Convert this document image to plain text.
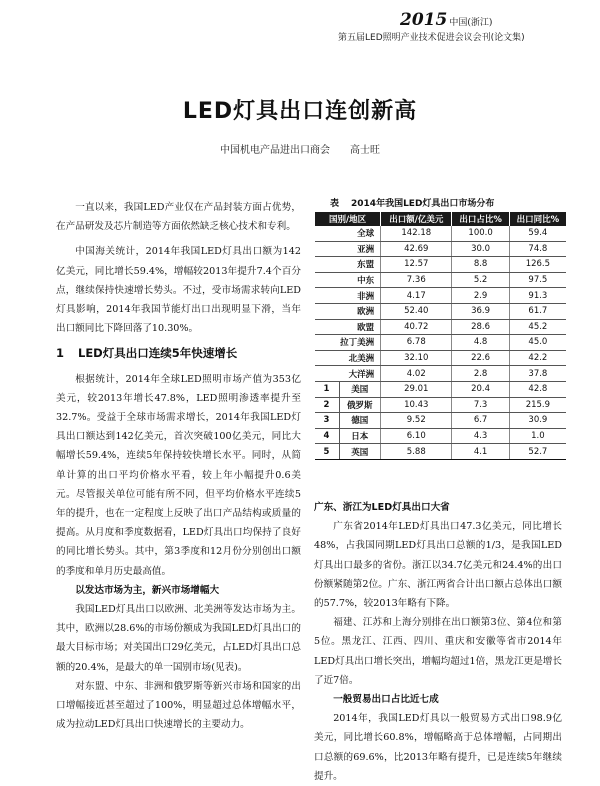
2015 中国(浙江)
第五届LED照明产业技术促进会议会刊(论文集)
LED灯具出口连创新高
中国机电产品进出口商会 高士旺

一直以来，我国LED产业仅在产品封装方面占优势，在产品研发及芯片制造等方面依然缺乏核心技术和专利。

中国海关统计，2014年我国LED灯具出口额为142亿美元，同比增长59.4%，增幅较2013年提升7.4个百分点，继续保持快速增长势头。不过，受市场需求转向LED灯具影响，2014年我国节能灯出口出现明显下滑，当年出口额同比下降回落了10.30%。

1 LED灯具出口连续5年快速增长

根据统计，2014年全球LED照明市场产值为353亿美元，较2013年增长47.8%，LED照明渗透率提升至32.7%。受益于全球市场需求增长，2014年我国LED灯具出口额达到142亿美元，首次突破100亿美元，同比大幅增长59.4%，连续5年保持较快增长水平。同时，从简单计算的出口平均价格水平看，较上年小幅提升0.6美元。尽管报关单位可能有所不同，但平均价格水平连续5年的提升，也在一定程度上反映了出口产品结构或质量的提高。从月度和季度数据看，LED灯具出口均保持了良好的同比增长势头。其中，第3季度和12月份分别创出口额的季度和单月历史最高值。

以发达市场为主，新兴市场增幅大

我国LED灯具出口以欧洲、北美洲等发达市场为主。其中，欧洲以28.6%的市场份额成为我国LED灯具出口的最大目标市场；对美国出口29亿美元，占LED灯具出口总额的20.4%，是最大的单一国别市场(见表)。

对东盟、中东、非洲和俄罗斯等新兴市场和国家的出口增幅接近甚至超过了100%，明显超过总体增幅水平，成为拉动LED灯具出口快速增长的主要动力。

表 2014年我国LED灯具出口市场分布
国别/地区		出口额/亿美元	出口占比%	出口同比%
全球		142.18	100.0	59.4
亚洲		42.69	30.0	74.8
东盟		12.57	8.8	126.5
中东		7.36	5.2	97.5
非洲		4.17	2.9	91.3
欧洲		52.40	36.9	61.7
欧盟		40.72	28.6	45.2
拉丁美洲		6.78	4.8	45.0
北美洲		32.10	22.6	42.2
大洋洲		4.02	2.8	37.8
1	美国	29.01	20.4	42.8
2	俄罗斯	10.43	7.3	215.9
3	德国	9.52	6.7	30.9
4	日本	6.10	4.3	1.0
5	英国	5.88	4.1	52.7
广东、浙江为LED灯具出口大省

广东省2014年LED灯具出口47.3亿美元，同比增长48%，占我国同期LED灯具出口总额的1/3，是我国LED灯具出口最多的省份。浙江以34.7亿美元和24.4%的出口份额紧随第2位。广东、浙江两省合计出口额占总体出口额的57.7%，较2013年略有下降。

福建、江苏和上海分别排在出口额第3位、第4位和第5位。黑龙江、江西、四川、重庆和安徽等省市2014年LED灯具出口增长突出，增幅均超过1倍，黑龙江更是增长了近7倍。

一般贸易出口占比近七成

2014年，我国LED灯具以一般贸易方式出口98.9亿美元，同比增长60.8%，增幅略高于总体增幅，占同期出口总额的69.6%，比2013年略有提升，已是连续5年继续提升。
